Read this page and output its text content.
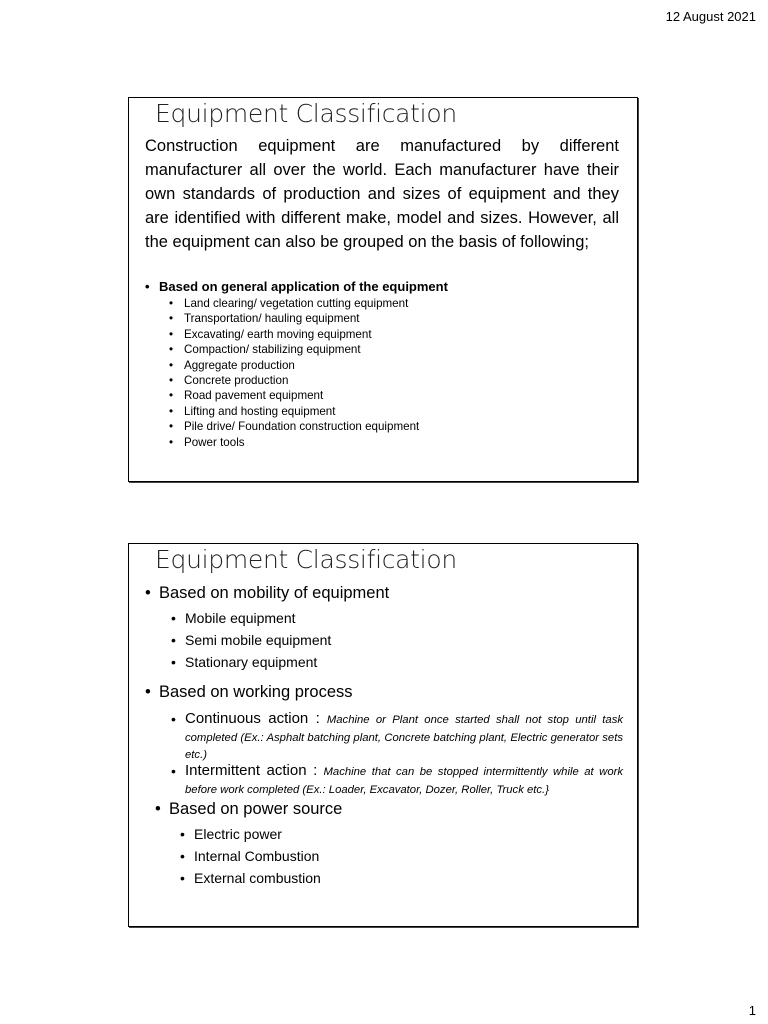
12 August 2021
Equipment Classification
Construction equipment are manufactured by different manufacturer all over the world. Each manufacturer have their own standards of production and sizes of equipment and they are identified with different make, model and sizes. However, all the equipment can also be grouped on the basis of following;
• Based on general application of the equipment
• Land clearing/ vegetation cutting equipment
• Transportation/ hauling equipment
• Excavating/ earth moving equipment
• Compaction/ stabilizing equipment
• Aggregate production
• Concrete production
• Road pavement equipment
• Lifting and hosting equipment
• Pile drive/ Foundation construction equipment
• Power tools
Equipment Classification
• Based on mobility of equipment
• Mobile equipment
• Semi mobile equipment
• Stationary equipment
• Based on working process
• Continuous action : Machine or Plant once started shall not stop until task completed (Ex.: Asphalt batching plant, Concrete batching plant, Electric generator sets etc.)
• Intermittent action : Machine that can be stopped intermittently while at work before work completed (Ex.: Loader, Excavator, Dozer, Roller, Truck etc.}
• Based on power source
• Electric power
• Internal Combustion
• External combustion
1
